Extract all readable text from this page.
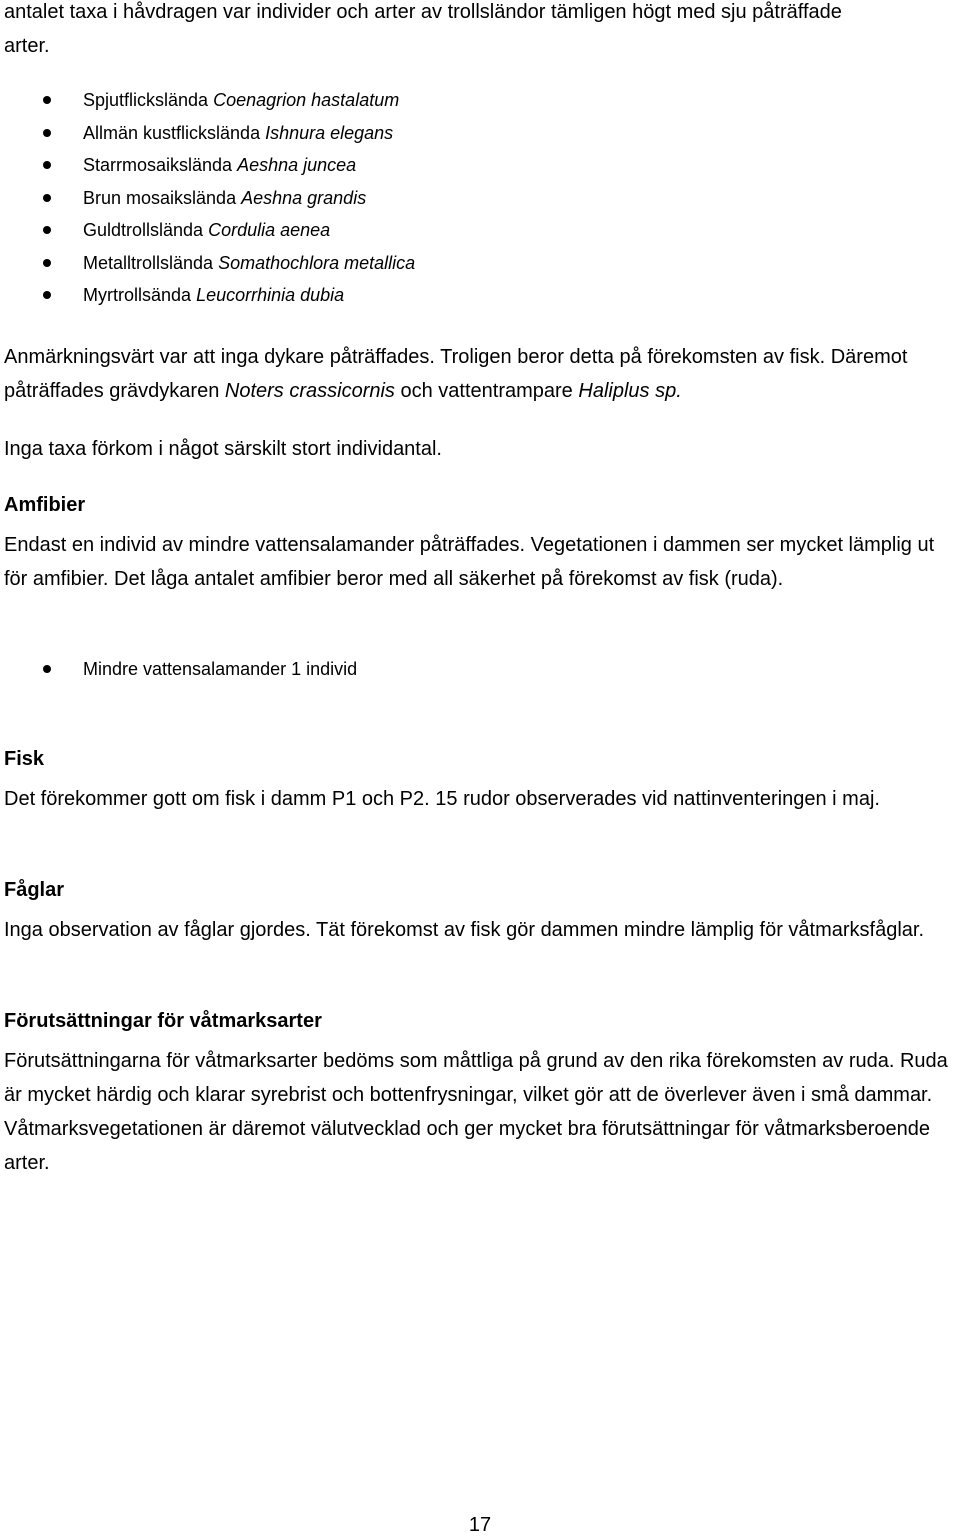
antalet taxa i håvdragen var individer och arter av trollsländor tämligen högt med sju påträffade
arter.

Spjutflickslända Coenagrion hastalatum
Allmän kustflickslända Ishnura elegans
Starrmosaikslända Aeshna juncea
Brun mosaikslända Aeshna grandis
Guldtrollslända Cordulia aenea
Metalltrollslända Somathochlora metallica
Myrtrollsända Leucorrhinia dubia

Anmärkningsvärt var att inga dykare påträffades. Troligen beror detta på förekomsten av fisk. Däremot påträffades grävdykaren Noters crassicornis och vattentrampare Haliplus sp.

Inga taxa förkom i något särskilt stort individantal.

Amfibier

Endast en individ av mindre vattensalamander påträffades. Vegetationen i dammen ser mycket lämplig ut för amfibier. Det låga antalet amfibier beror med all säkerhet på förekomst av fisk (ruda).

Mindre vattensalamander 1 individ
Fisk

Det förekommer gott om fisk i damm P1 och P2. 15 rudor observerades vid nattinventeringen i maj.

Fåglar

Inga observation av fåglar gjordes. Tät förekomst av fisk gör dammen mindre lämplig för våtmarksfåglar.

Förutsättningar för våtmarksarter

Förutsättningarna för våtmarksarter bedöms som måttliga på grund av den rika förekomsten av ruda. Ruda är mycket härdig och klarar syrebrist och bottenfrysningar, vilket gör att de överlever även i små dammar. Våtmarksvegetationen är däremot välutvecklad och ger mycket bra förutsättningar för våtmarksberoende arter.

17
